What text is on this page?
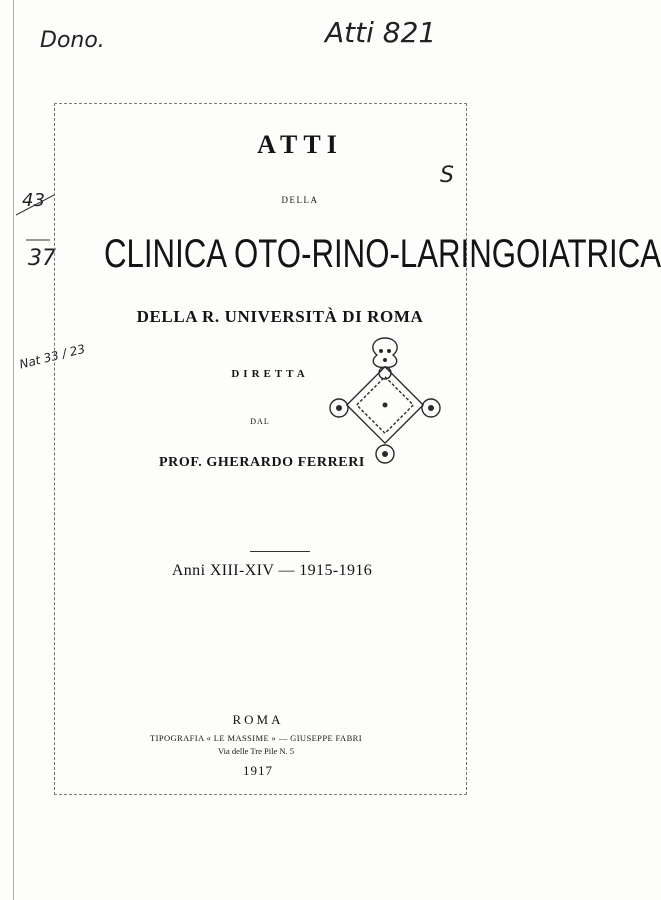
Dono.	Atti 821
S
43
37
Nat 33 / 23
ATTI
DELLA
CLINICA OTO-RINO-LARINGOIATRICA
DELLA R. UNIVERSITÀ DI ROMA
DIRETTA
DAL
PROF. GHERARDO FERRERI
Anni XIII-XIV — 1915-1916
ROMA
TIPOGRAFIA « LE MASSIME » — GIUSEPPE FABRI
Via delle Tre Pile N. 5
1917
